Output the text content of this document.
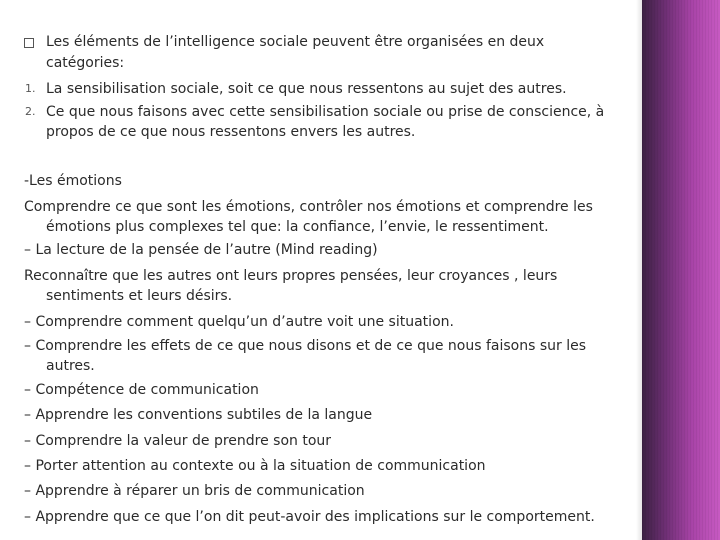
Les éléments de l’intelligence sociale peuvent être organisées en deux
catégories:
1. La sensibilisation sociale, soit ce que nous ressentons au sujet des autres.
2. Ce que nous faisons avec cette sensibilisation sociale ou prise de conscience, à
propos de ce que nous ressentons envers les autres.
-Les émotions
Comprendre ce que sont les émotions, contrôler nos émotions et comprendre les
émotions plus complexes tel que: la confiance, l’envie, le ressentiment.
– La lecture de la pensée de l’autre (Mind reading)
Reconnaître que les autres ont leurs propres pensées, leur croyances , leurs
sentiments et leurs désirs.
– Comprendre comment quelqu’un d’autre voit une situation.
– Comprendre les effets de ce que nous disons et de ce que nous faisons sur les
autres.
– Compétence de communication
– Apprendre les conventions subtiles de la langue
– Comprendre la valeur de prendre son tour
– Porter attention au contexte ou à la situation de communication
– Apprendre à réparer un bris de communication
– Apprendre que ce que l’on dit peut-avoir des implications sur le comportement.
